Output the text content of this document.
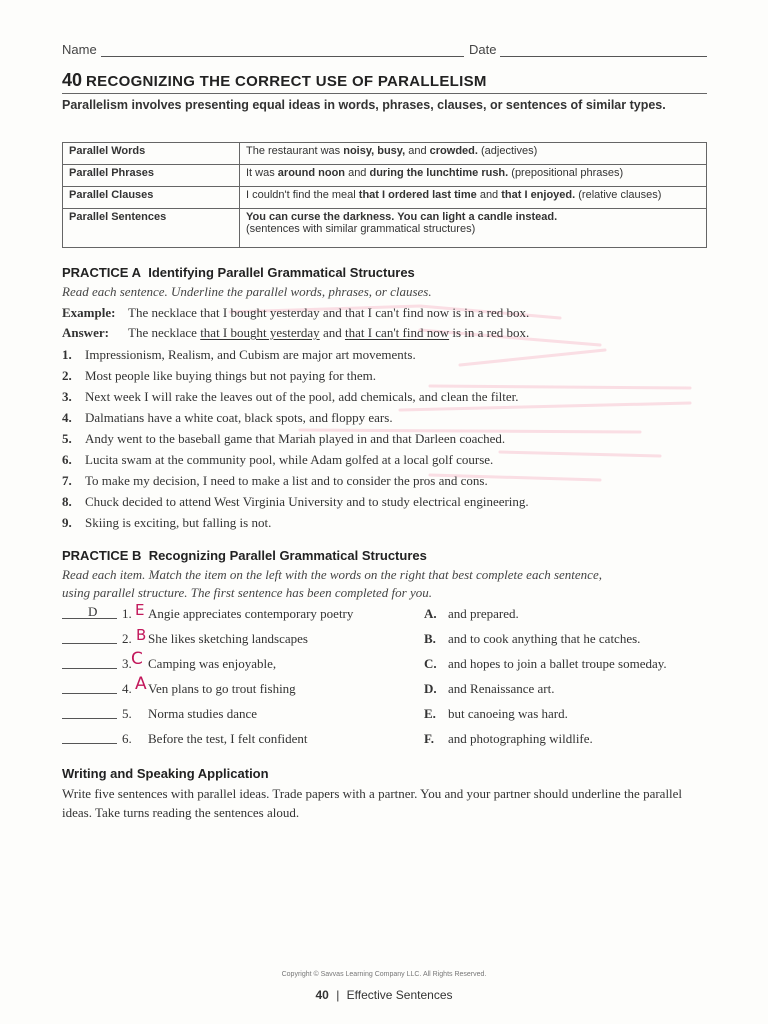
Name	Date
40 RECOGNIZING THE CORRECT USE OF PARALLELISM
Parallelism involves presenting equal ideas in words, phrases, clauses, or sentences of similar types.
Parallel Words	The restaurant was noisy, busy, and crowded. (adjectives)
Parallel Phrases	It was around noon and during the lunchtime rush. (prepositional phrases)
Parallel Clauses	I couldn't find the meal that I ordered last time and that I enjoyed. (relative clauses)
Parallel Sentences	You can curse the darkness. You can light a candle instead.
(sentences with similar grammatical structures)
PRACTICE A Identifying Parallel Grammatical Structures
Read each sentence. Underline the parallel words, phrases, or clauses.
Example: The necklace that I bought yesterday and that I can't find now is in a red box.
Answer: The necklace that I bought yesterday and that I can't find now is in a red box.
1. Impressionism, Realism, and Cubism are major art movements.
2. Most people like buying things but not paying for them.
3. Next week I will rake the leaves out of the pool, add chemicals, and clean the filter.
4. Dalmatians have a white coat, black spots, and floppy ears.
5. Andy went to the baseball game that Mariah played in and that Darleen coached.
6. Lucita swam at the community pool, while Adam golfed at a local golf course.
7. To make my decision, I need to make a list and to consider the pros and cons.
8. Chuck decided to attend West Virginia University and to study electrical engineering.
9. Skiing is exciting, but falling is not.
PRACTICE B Recognizing Parallel Grammatical Structures
Read each item. Match the item on the left with the words on the right that best complete each sentence,
using parallel structure. The first sentence has been completed for you.
D 1. E Angie appreciates contemporary poetry	A. and prepared.
2. B She likes sketching landscapes	B. and to cook anything that he catches.
3. C Camping was enjoyable,	C. and hopes to join a ballet troupe someday.
4. A Ven plans to go trout fishing	D. and Renaissance art.
5. Norma studies dance	E. but canoeing was hard.
6. Before the test, I felt confident	F. and photographing wildlife.
Writing and Speaking Application
Write five sentences with parallel ideas. Trade papers with a partner. You and your partner should underline the parallel ideas. Take turns reading the sentences aloud.
Copyright © Savvas Learning Company LLC. All Rights Reserved.
40 | Effective Sentences
